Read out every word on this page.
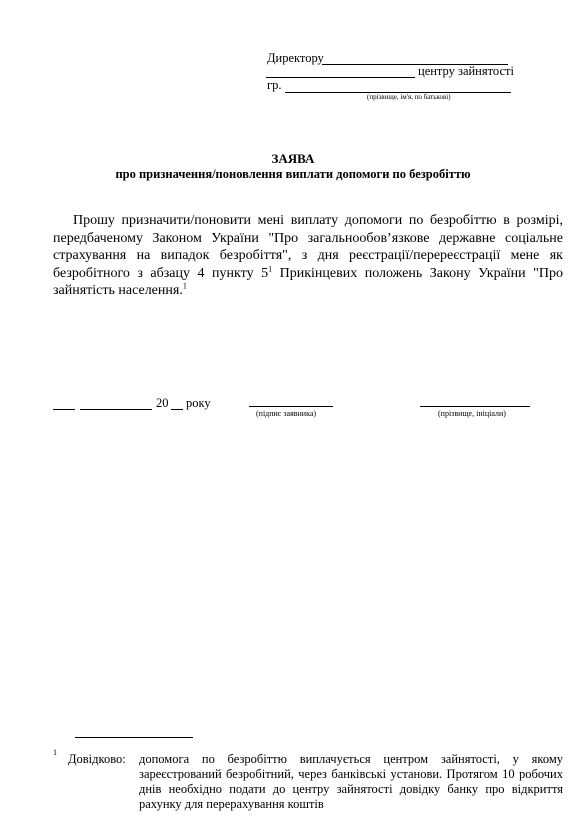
Директору
центру зайнятості
гр.
(прізвище, ім'я, по батькові)
ЗАЯВА
про призначення/поновлення виплати допомоги по безробіттю
Прошу призначити/поновити мені виплату допомоги по безробіттю в розмірі, передбаченому Законом України "Про загальнообов’язкове державне соціальне страхування на випадок безробіття", з дня реєстрації/перереєстрації мене як безробітного з абзацу 4 пункту $5^1$ Прикінцевих положень Закону України "Про зайнятість населення.$^1$
20 року
(підпис заявника)	(прізвище, ініціали)
1 Довідково: допомога по безробіттю виплачується центром зайнятості, у якому зареєстрований безробітний, через банківські установи. Протягом 10 робочих днів необхідно подати до центру зайнятості довідку банку про відкриття рахунку для перерахування коштів
